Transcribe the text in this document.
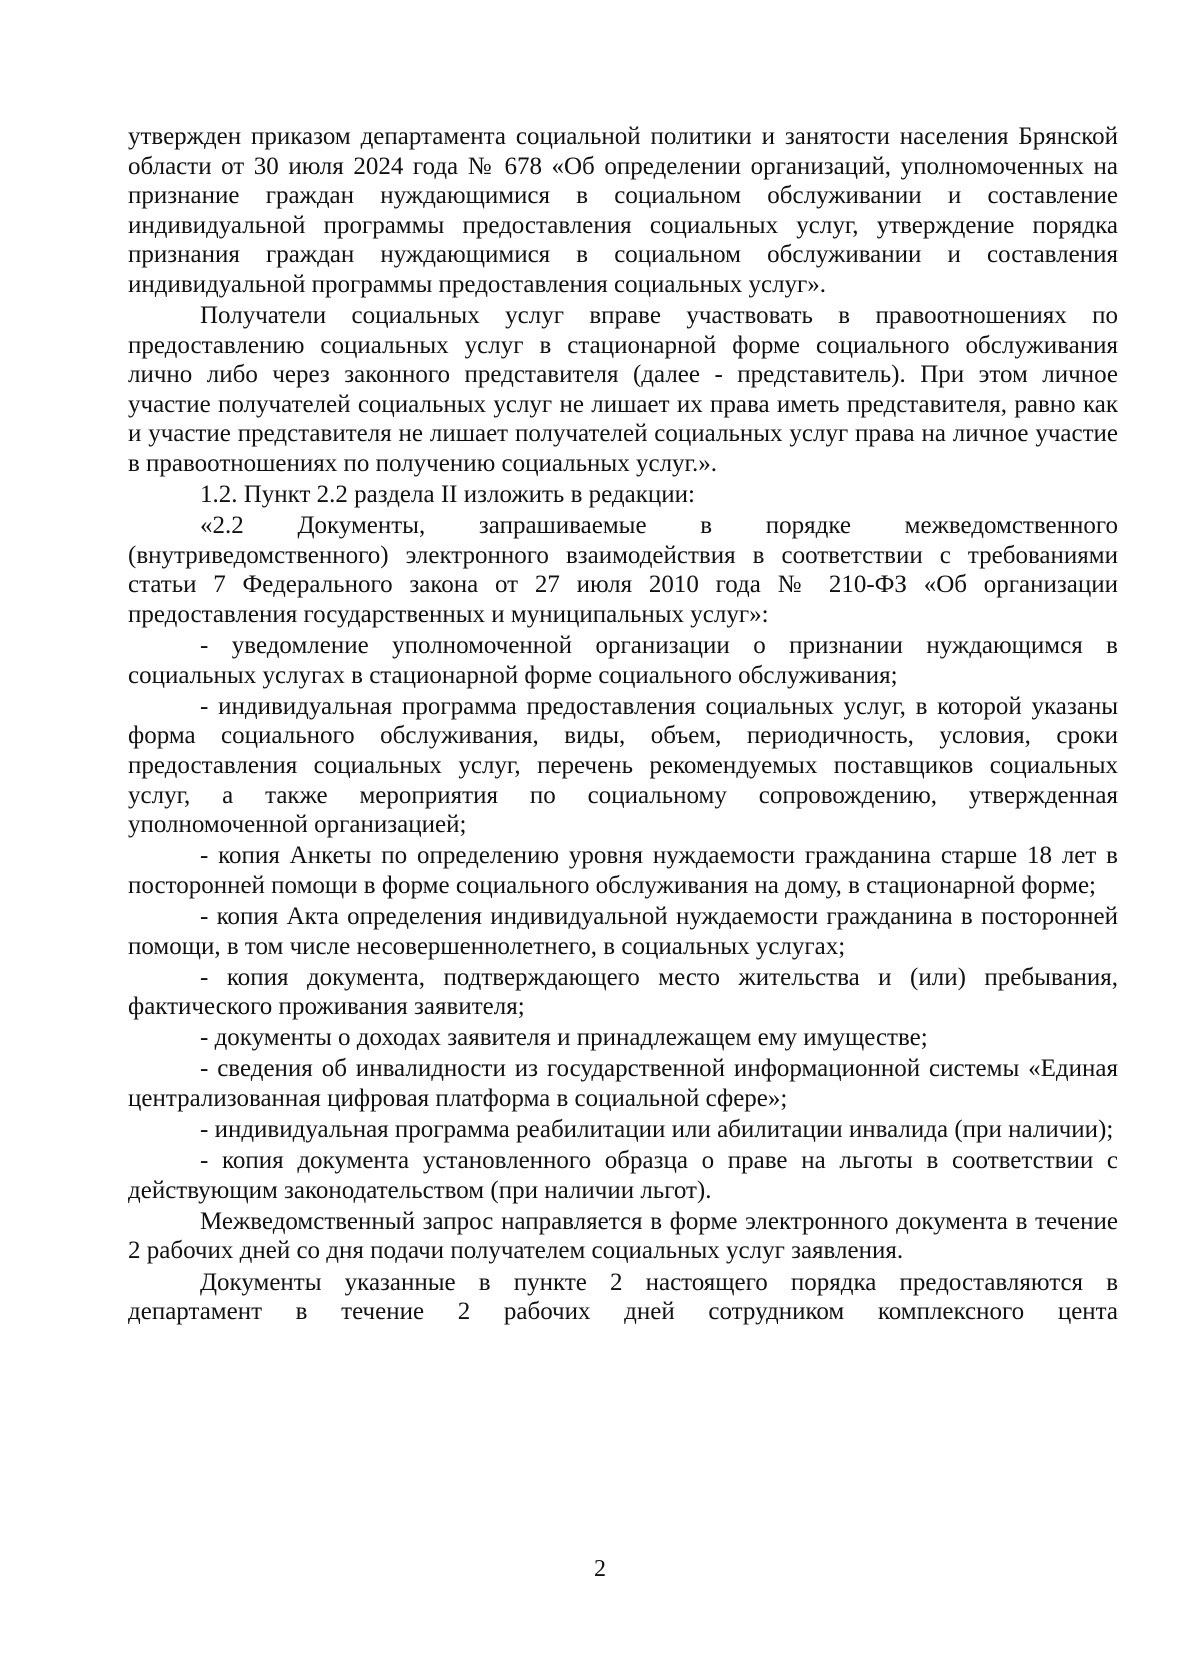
утвержден приказом департамента социальной политики и занятости населения Брянской области от 30 июля 2024 года № 678 «Об определении организаций, уполномоченных на признание граждан нуждающимися в социальном обслуживании и составление индивидуальной программы предоставления социальных услуг, утверждение порядка признания граждан нуждающимися в социальном обслуживании и составления индивидуальной программы предоставления социальных услуг».

Получатели социальных услуг вправе участвовать в правоотношениях по предоставлению социальных услуг в стационарной форме социального обслуживания лично либо через законного представителя (далее - представитель). При этом личное участие получателей социальных услуг не лишает их права иметь представителя, равно как и участие представителя не лишает получателей социальных услуг права на личное участие в правоотношениях по получению социальных услуг.».

1.2. Пункт 2.2 раздела II изложить в редакции:

«2.2 Документы, запрашиваемые в порядке межведомственного (внутриведомственного) электронного взаимодействия в соответствии с требованиями статьи 7 Федерального закона от 27 июля 2010 года № 210-ФЗ «Об организации предоставления государственных и муниципальных услуг»:

- уведомление уполномоченной организации о признании нуждающимся в социальных услугах в стационарной форме социального обслуживания;

- индивидуальная программа предоставления социальных услуг, в которой указаны форма социального обслуживания, виды, объем, периодичность, условия, сроки предоставления социальных услуг, перечень рекомендуемых поставщиков социальных услуг, а также мероприятия по социальному сопровождению, утвержденная уполномоченной организацией;

- копия Анкеты по определению уровня нуждаемости гражданина старше 18 лет в посторонней помощи в форме социального обслуживания на дому, в стационарной форме;

- копия Акта определения индивидуальной нуждаемости гражданина в посторонней помощи, в том числе несовершеннолетнего, в социальных услугах;

- копия документа, подтверждающего место жительства и (или) пребывания, фактического проживания заявителя;

- документы о доходах заявителя и принадлежащем ему имуществе;

- сведения об инвалидности из государственной информационной системы «Единая централизованная цифровая платформа в социальной сфере»;

- индивидуальная программа реабилитации или абилитации инвалида (при наличии);

- копия документа установленного образца о праве на льготы в соответствии с действующим законодательством (при наличии льгот).

Межведомственный запрос направляется в форме электронного документа в течение 2 рабочих дней со дня подачи получателем социальных услуг заявления.

Документы указанные в пункте 2 настоящего порядка предоставляются в департамент в течение 2 рабочих дней сотрудником комплексного цента

2
